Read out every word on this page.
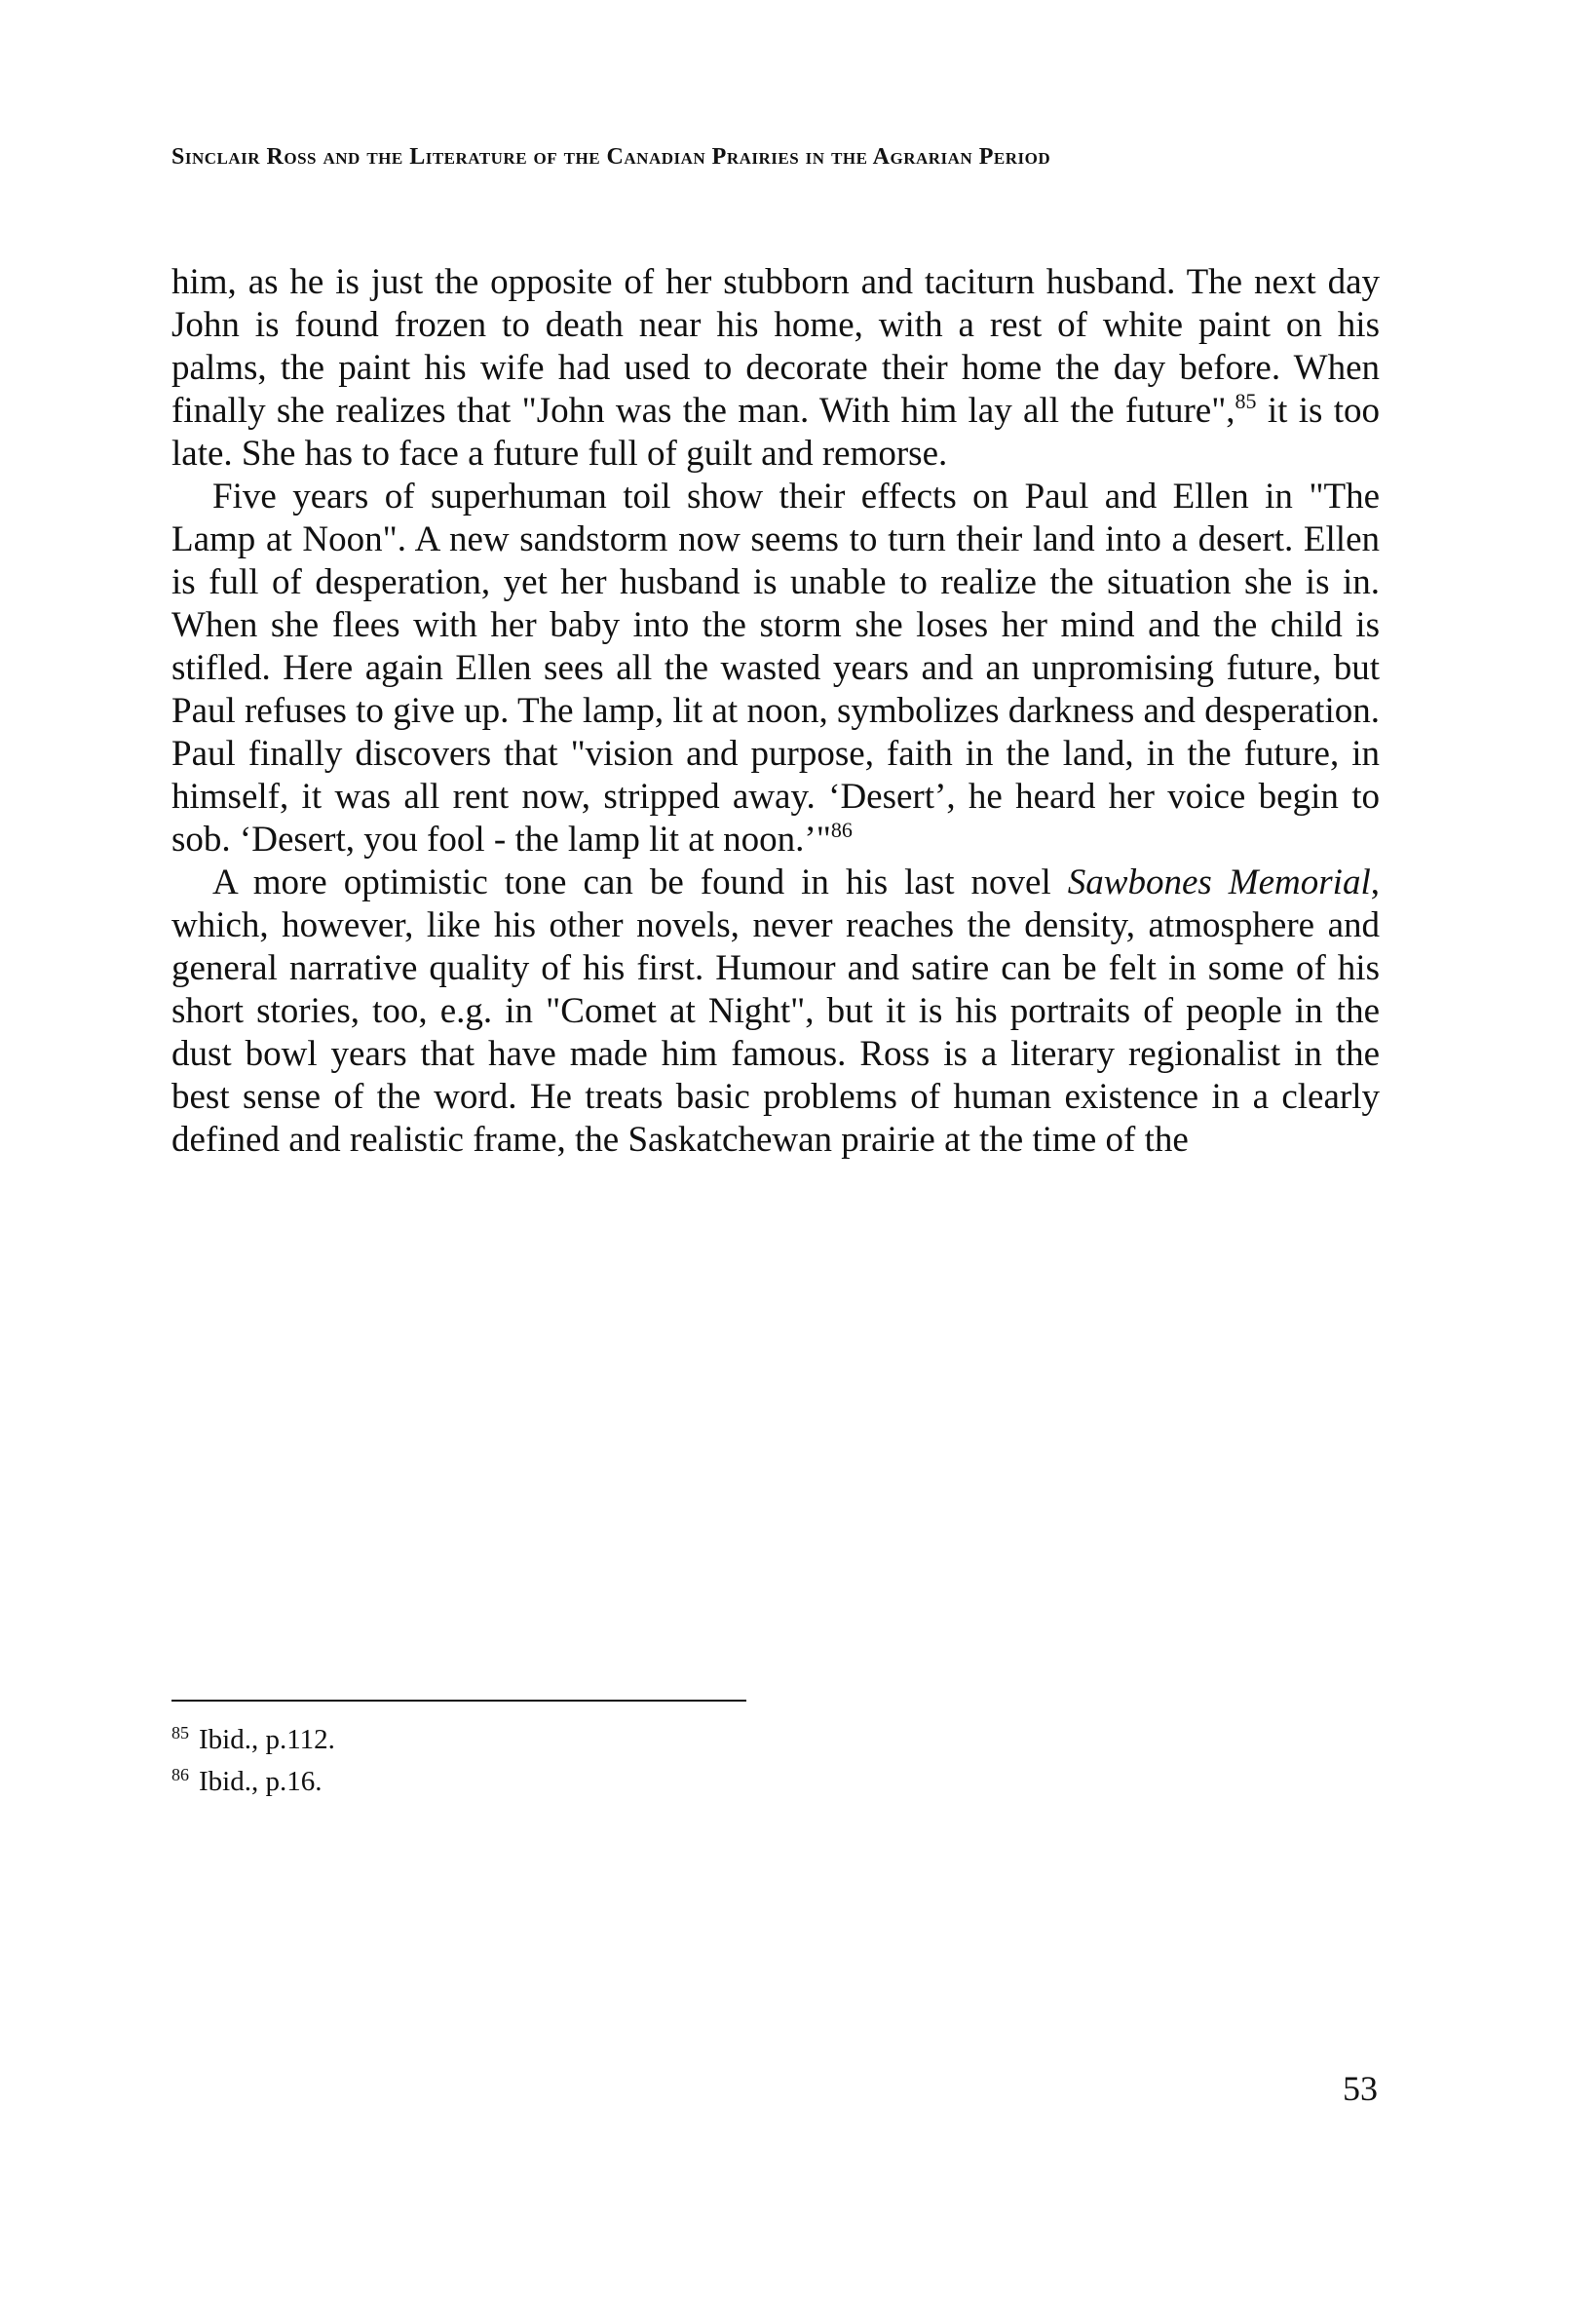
Sinclair Ross and the Literature of the Canadian Prairies in the Agrarian Period

him, as he is just the opposite of her stubborn and taciturn husband. The next day John is found frozen to death near his home, with a rest of white paint on his palms, the paint his wife had used to decorate their home the day before. When finally she realizes that "John was the man. With him lay all the future",$^{85}$ it is too late. She has to face a future full of guilt and remorse.

Five years of superhuman toil show their effects on Paul and Ellen in "The Lamp at Noon". A new sandstorm now seems to turn their land into a desert. Ellen is full of desperation, yet her husband is unable to realize the situation she is in. When she flees with her baby into the storm she loses her mind and the child is stifled. Here again Ellen sees all the wasted years and an unpromising future, but Paul refuses to give up. The lamp, lit at noon, symbolizes darkness and desperation. Paul finally discovers that "vision and purpose, faith in the land, in the future, in himself, it was all rent now, stripped away. ‘Desert’, he heard her voice begin to sob. ‘Desert, you fool - the lamp lit at noon.’"$^{86}$

A more optimistic tone can be found in his last novel Sawbones Memorial, which, however, like his other novels, never reaches the density, atmosphere and general narrative quality of his first. Humour and satire can be felt in some of his short stories, too, e.g. in "Comet at Night", but it is his portraits of people in the dust bowl years that have made him famous. Ross is a literary regionalist in the best sense of the word. He treats basic problems of human existence in a clearly defined and realistic frame, the Saskatchewan prairie at the time of the

$^{85}$ Ibid., p.112.

$^{86}$ Ibid., p.16.

53
